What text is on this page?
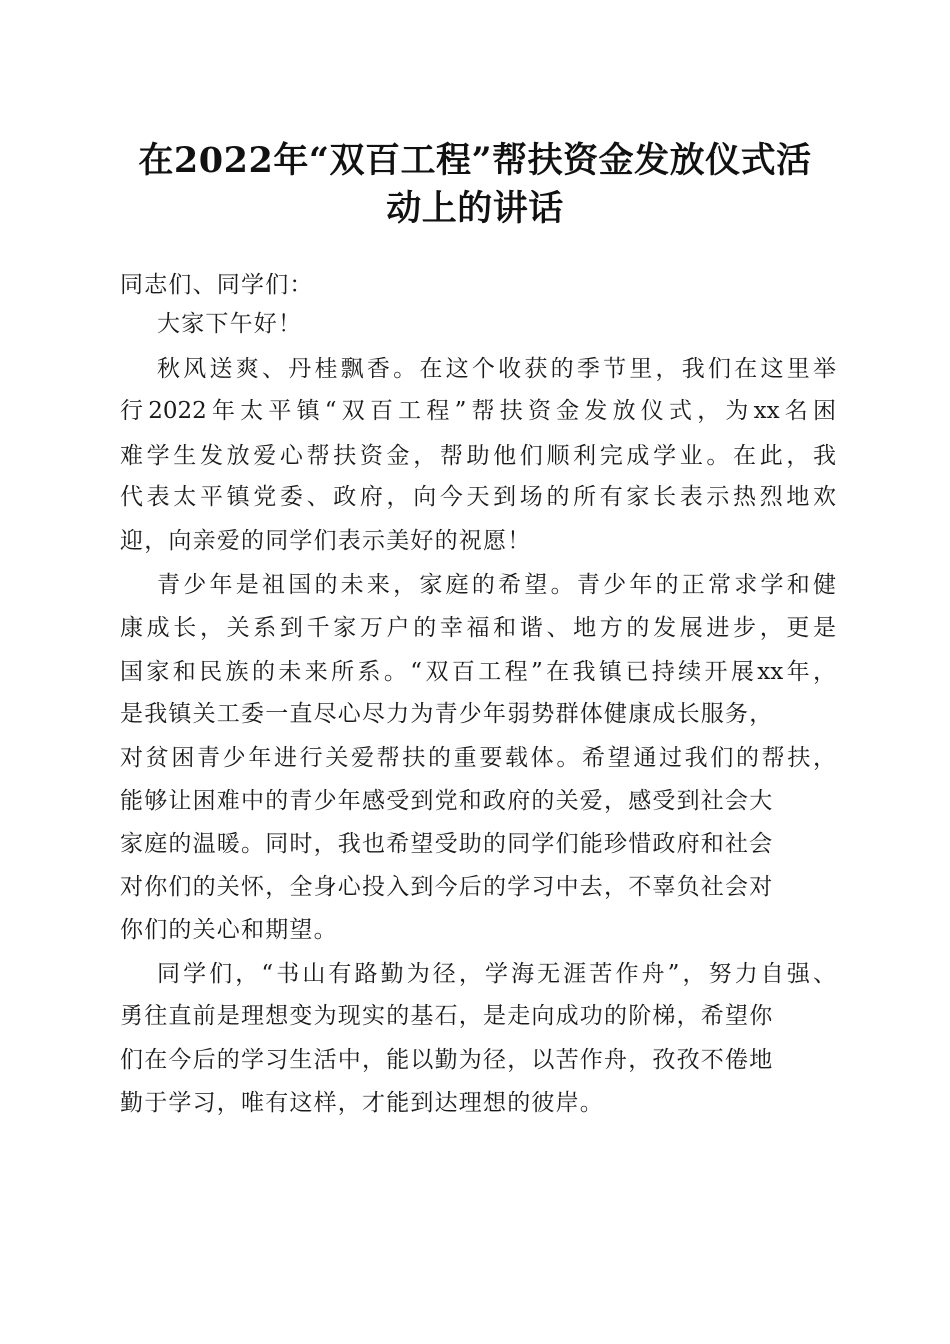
在2022年“双百工程”帮扶资金发放仪式活
动上的讲话
同志们、同学们：
大家下午好！
秋风送爽、丹桂飘香。在这个收获的季节里，我们在这里举
行2022年太平镇“双百工程”帮扶资金发放仪式，为xx名困
难学生发放爱心帮扶资金，帮助他们顺利完成学业。在此，我
代表太平镇党委、政府，向今天到场的所有家长表示热烈地欢
迎，向亲爱的同学们表示美好的祝愿！
青少年是祖国的未来，家庭的希望。青少年的正常求学和健
康成长，关系到千家万户的幸福和谐、地方的发展进步，更是
国家和民族的未来所系。“双百工程”在我镇已持续开展xx年，
是我镇关工委一直尽心尽力为青少年弱势群体健康成长服务，
对贫困青少年进行关爱帮扶的重要载体。希望通过我们的帮扶，
能够让困难中的青少年感受到党和政府的关爱，感受到社会大
家庭的温暖。同时，我也希望受助的同学们能珍惜政府和社会
对你们的关怀，全身心投入到今后的学习中去，不辜负社会对
你们的关心和期望。
同学们，“书山有路勤为径，学海无涯苦作舟”，努力自强、
勇往直前是理想变为现实的基石，是走向成功的阶梯，希望你
们在今后的学习生活中，能以勤为径，以苦作舟，孜孜不倦地
勤于学习，唯有这样，才能到达理想的彼岸。
